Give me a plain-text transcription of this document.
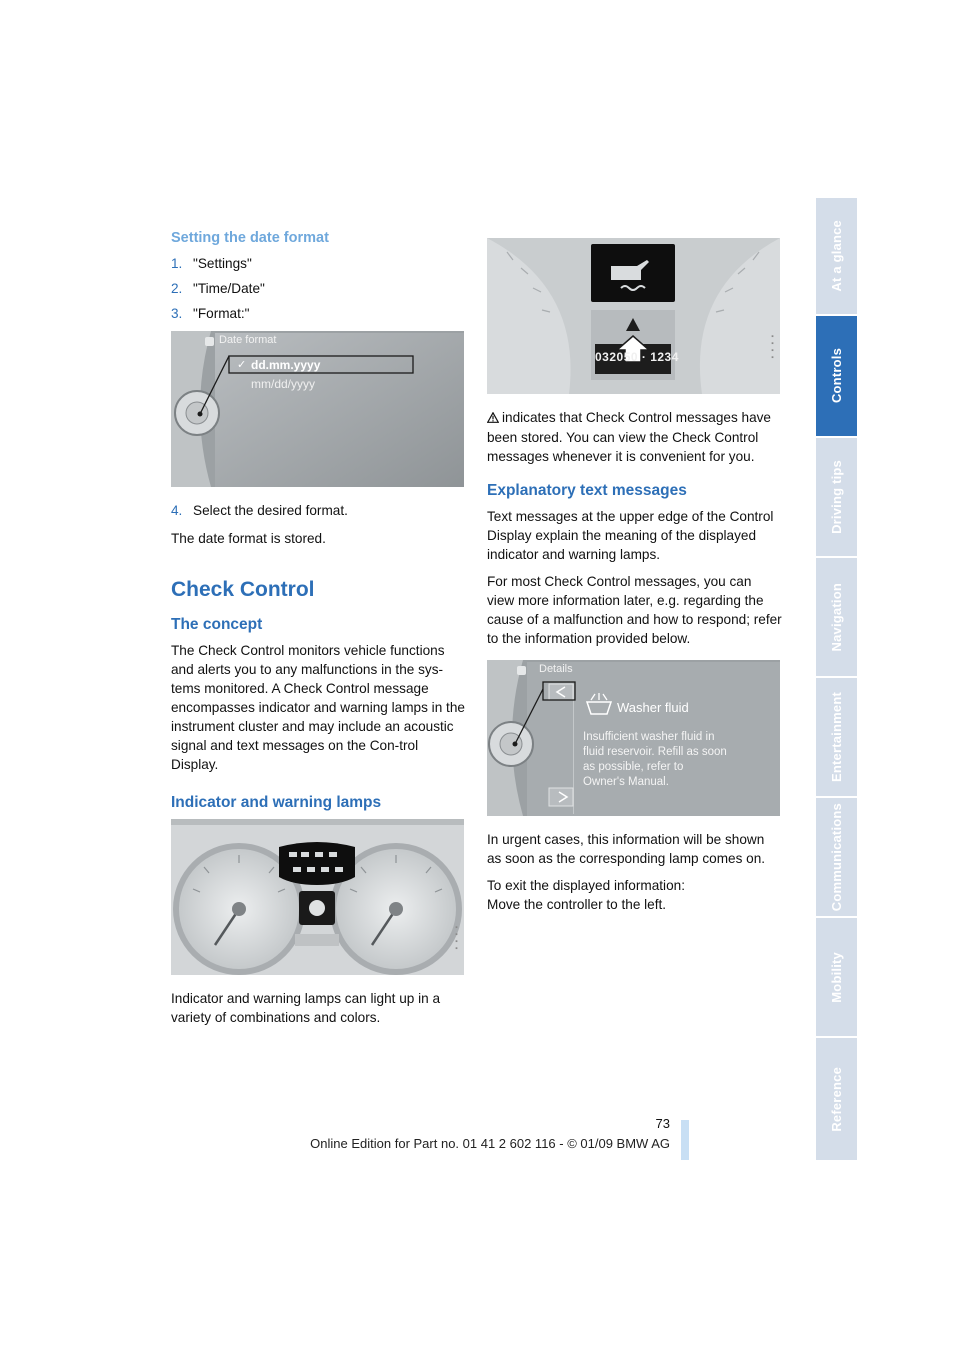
At a glance
Controls
Driving tips
Navigation
Entertainment
Communications
Mobility
Reference
Setting the date format
1. "Settings"
2. "Time/Date"
3. "Format:"
Date format
✓ dd.mm.yyyy
mm/dd/yyyy
4. Select the desired format.

The date format is stored.

Check Control
The concept

The Check Control monitors vehicle functions and alerts you to any malfunctions in the sys-tems monitored. A Check Control message encompasses indicator and warning lamps in the instrument cluster and may include an acoustic signal and text messages on the Con-trol Display.

Indicator and warning lamps
▪▪▪▪

Indicator and warning lamps can light up in a variety of combinations and colors.

032050 · 1234	▪▪▪▪

indicates that Check Control messages have been stored. You can view the Check Control messages whenever it is convenient for you.

Explanatory text messages

Text messages at the upper edge of the Control Display explain the meaning of the displayed indicator and warning lamps.

For most Check Control messages, you can view more information later, e.g. regarding the cause of a malfunction and how to respond; refer to the information provided below.

Details
Washer fluid
Insufficient washer fluid in
fluid reservoir. Refill as soon
as possible, refer to
Owner's Manual.

In urgent cases, this information will be shown as soon as the corresponding lamp comes on.

To exit the displayed information:
Move the controller to the left.

73
Online Edition for Part no. 01 41 2 602 116 - © 01/09 BMW AG
